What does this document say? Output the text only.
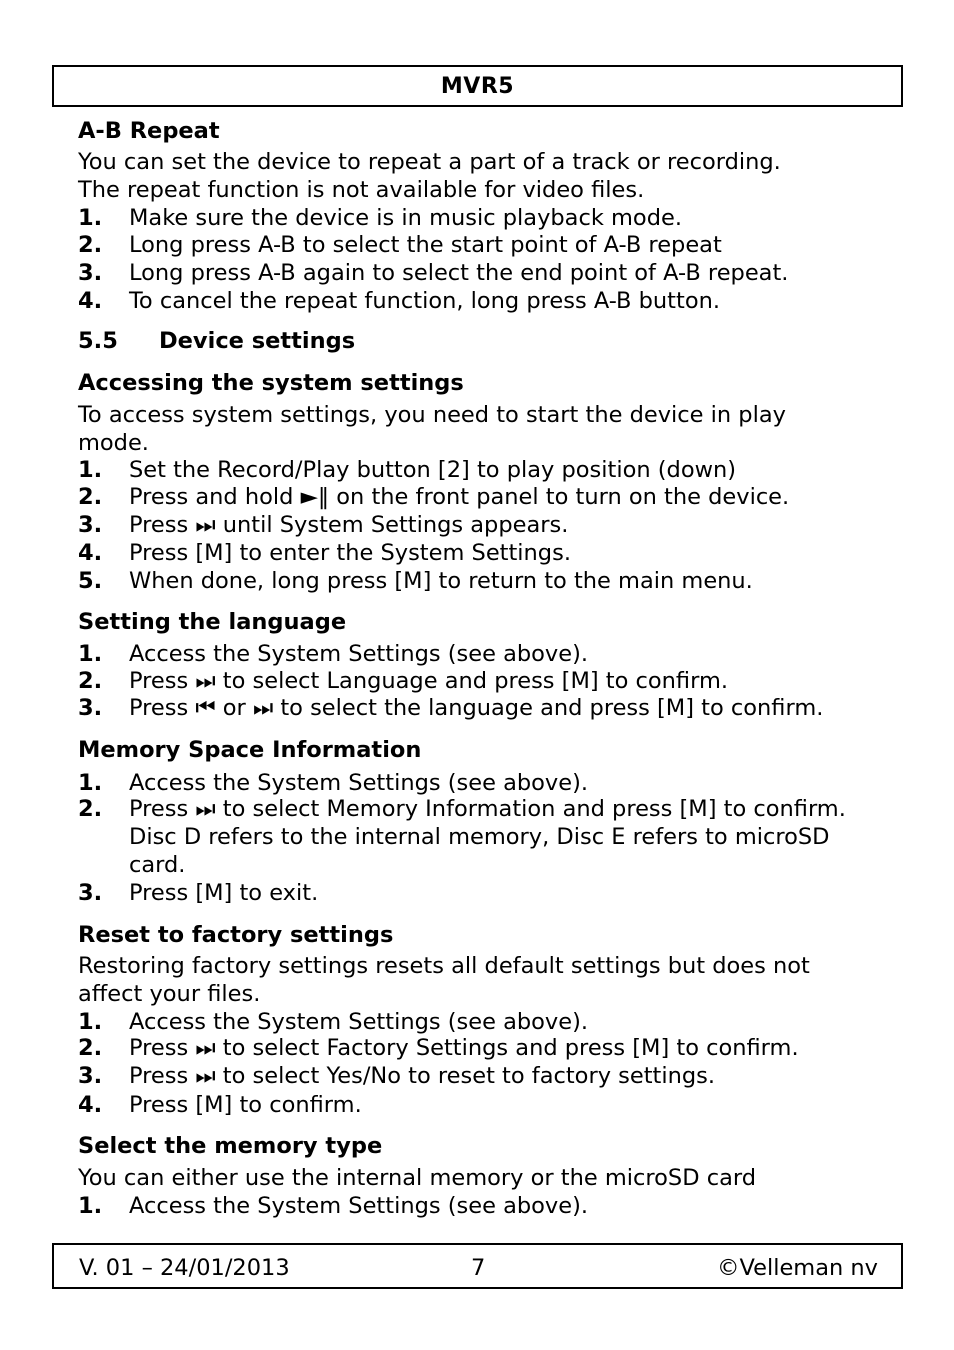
MVR5
A-B Repeat
You can set the device to repeat a part of a track or recording.
The repeat function is not available for video files.
1. Make sure the device is in music playback mode.
2. Long press A-B to select the start point of A-B repeat
3. Long press A-B again to select the end point of A-B repeat.
4. To cancel the repeat function, long press A-B button.
5.5 Device settings
Accessing the system settings
To access system settings, you need to start the device in play
mode.
1. Set the Record/Play button [2] to play position (down)
2. Press and hold ►‖ on the front panel to turn on the device.
3. Press ⏭ until System Settings appears.
4. Press [M] to enter the System Settings.
5. When done, long press [M] to return to the main menu.
Setting the language
1. Access the System Settings (see above).
2. Press ⏭ to select Language and press [M] to confirm.
3. Press ⏮ or ⏭ to select the language and press [M] to confirm.
Memory Space Information
1. Access the System Settings (see above).
2. Press ⏭ to select Memory Information and press [M] to confirm.
Disc D refers to the internal memory, Disc E refers to microSD
card.
3. Press [M] to exit.
Reset to factory settings
Restoring factory settings resets all default settings but does not
affect your files.
1. Access the System Settings (see above).
2. Press ⏭ to select Factory Settings and press [M] to confirm.
3. Press ⏭ to select Yes/No to reset to factory settings.
4. Press [M] to confirm.
Select the memory type
You can either use the internal memory or the microSD card
1. Access the System Settings (see above).
V. 01 – 24/01/2013	7	©Velleman nv
